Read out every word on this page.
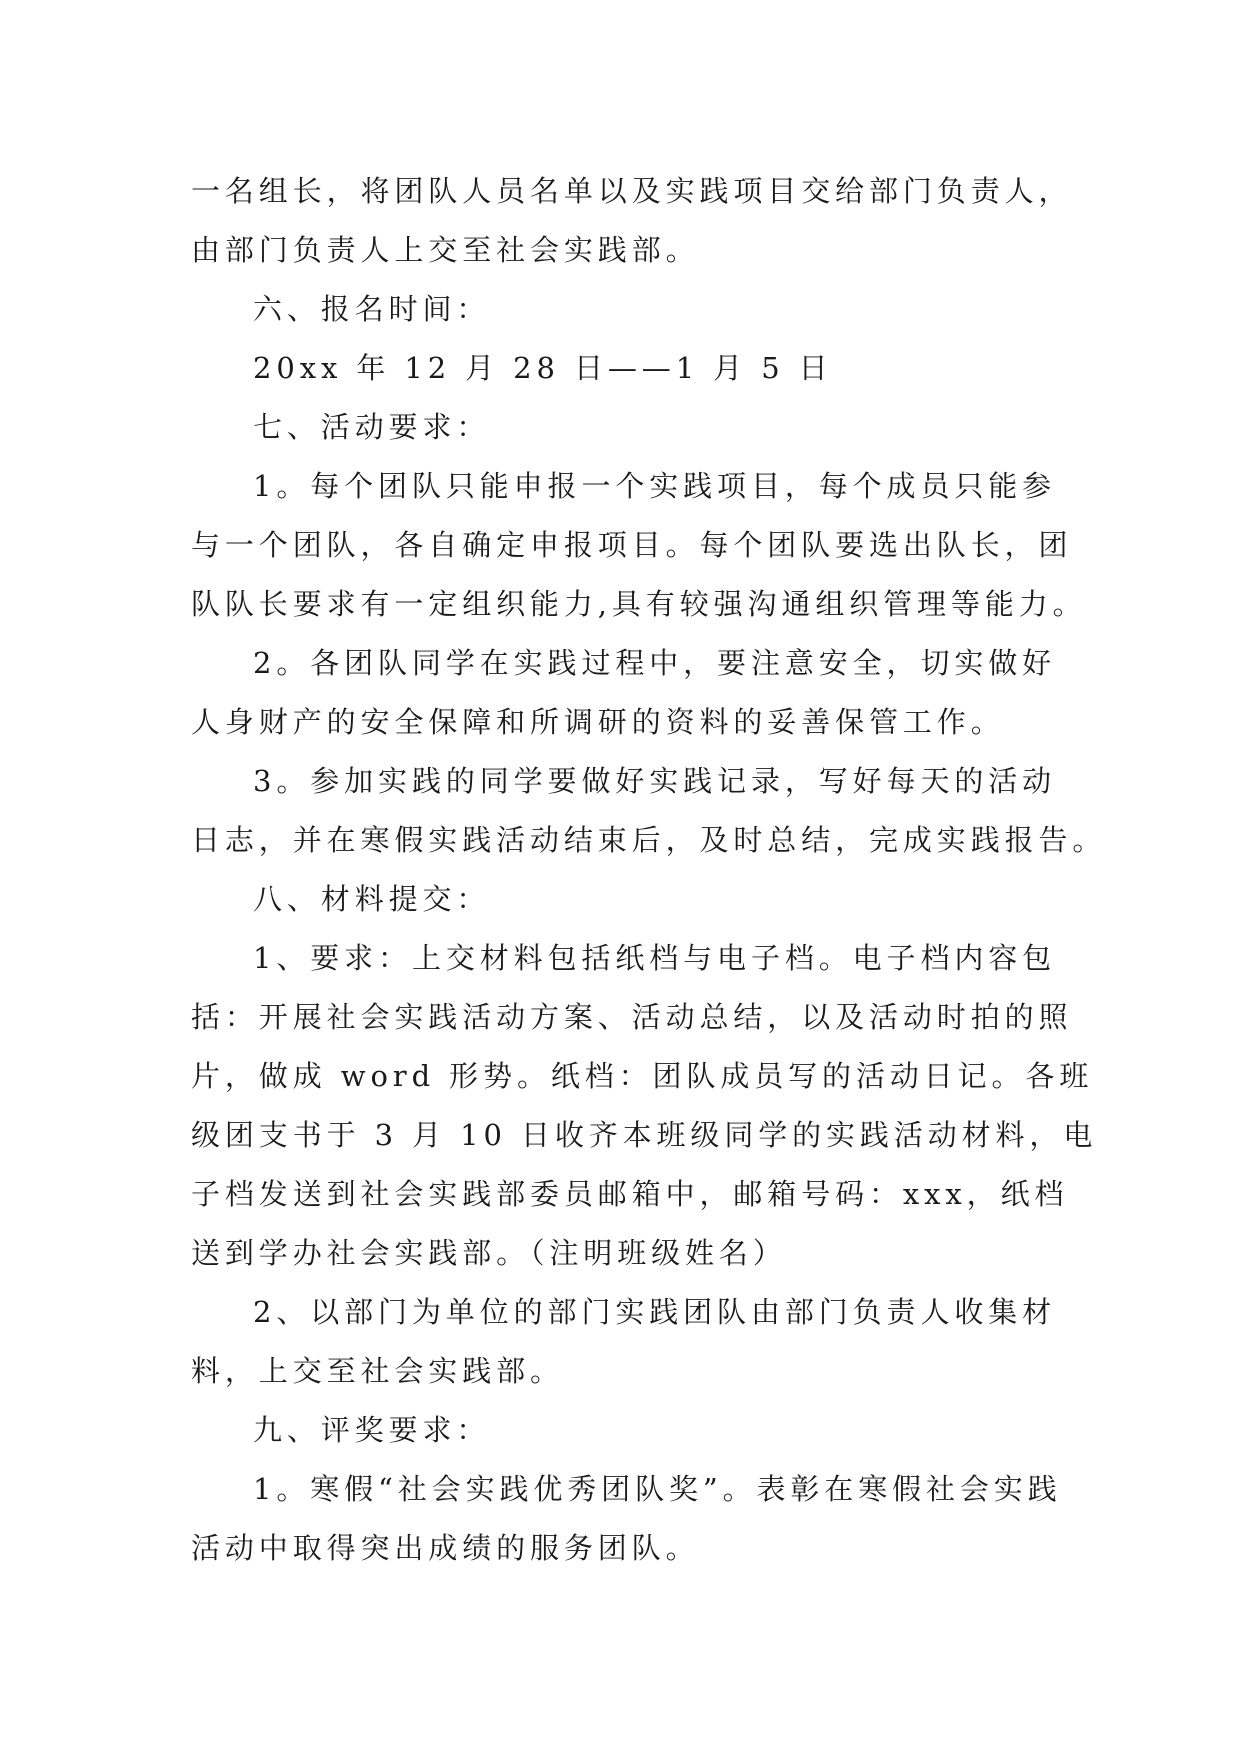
一名组长，将团队人员名单以及实践项目交给部门负责人，
由部门负责人上交至社会实践部。
六、报名时间：
20xx 年 12 月 28 日——1 月 5 日
七、活动要求：
1。每个团队只能申报一个实践项目，每个成员只能参
与一个团队，各自确定申报项目。每个团队要选出队长，团
队队长要求有一定组织能力,具有较强沟通组织管理等能力。
2。各团队同学在实践过程中，要注意安全，切实做好
人身财产的安全保障和所调研的资料的妥善保管工作。
3。参加实践的同学要做好实践记录，写好每天的活动
日志，并在寒假实践活动结束后，及时总结，完成实践报告。
八、材料提交：
1、要求：上交材料包括纸档与电子档。电子档内容包
括：开展社会实践活动方案、活动总结，以及活动时拍的照
片，做成 word 形势。纸档：团队成员写的活动日记。各班
级团支书于 3 月 10 日收齐本班级同学的实践活动材料，电
子档发送到社会实践部委员邮箱中，邮箱号码：xxx，纸档
送到学办社会实践部。（注明班级姓名）
2、以部门为单位的部门实践团队由部门负责人收集材
料，上交至社会实践部。
九、评奖要求：
1。寒假“社会实践优秀团队奖”。表彰在寒假社会实践
活动中取得突出成绩的服务团队。
